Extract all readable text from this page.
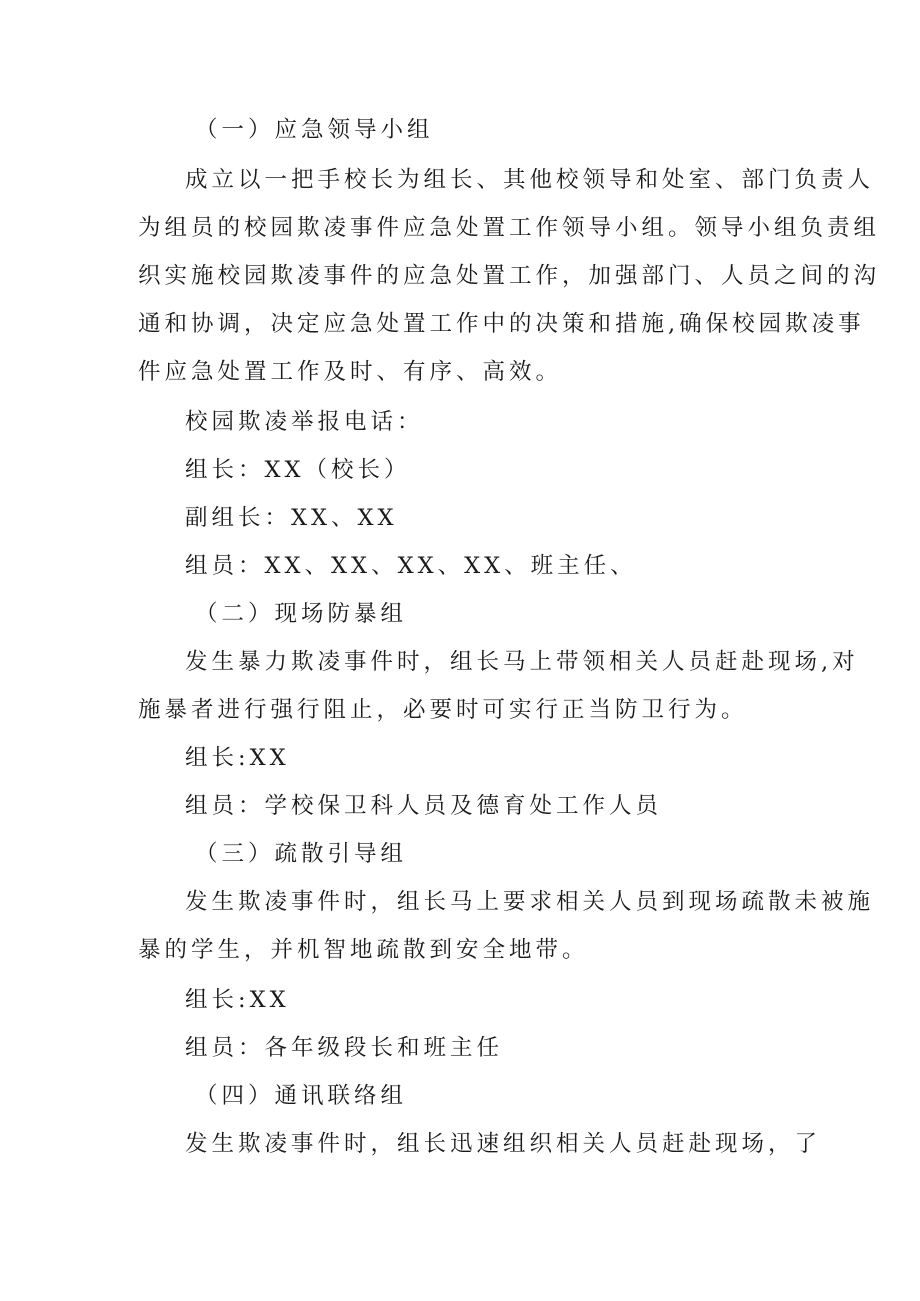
（一）应急领导小组
成立以一把手校长为组长、其他校领导和处室、部门负责人
为组员的校园欺凌事件应急处置工作领导小组。领导小组负责组
织实施校园欺凌事件的应急处置工作，加强部门、人员之间的沟
通和协调，决定应急处置工作中的决策和措施,确保校园欺凌事
件应急处置工作及时、有序、高效。
校园欺凌举报电话：
组长：XX（校长）
副组长：XX、XX
组员：XX、XX、XX、XX、班主任、
（二）现场防暴组
发生暴力欺凌事件时，组长马上带领相关人员赶赴现场,对
施暴者进行强行阻止，必要时可实行正当防卫行为。
组长:XX
组员：学校保卫科人员及德育处工作人员
（三）疏散引导组
发生欺凌事件时，组长马上要求相关人员到现场疏散未被施
暴的学生，并机智地疏散到安全地带。
组长:XX
组员：各年级段长和班主任
（四）通讯联络组
发生欺凌事件时，组长迅速组织相关人员赶赴现场，了
